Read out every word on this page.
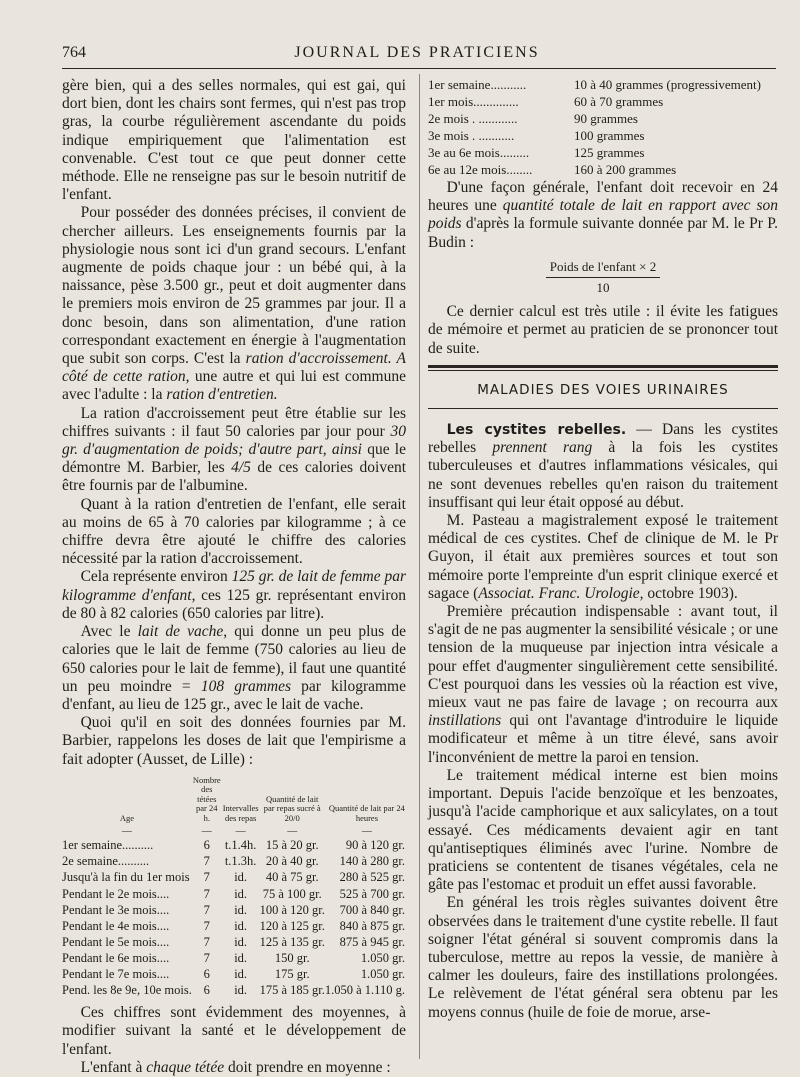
764	JOURNAL DES PRATICIENS

gère bien, qui a des selles normales, qui est gai, qui dort bien, dont les chairs sont fermes, qui n'est pas trop gras, la courbe régulièrement ascendante du poids indique empiriquement que l'alimentation est convenable. C'est tout ce que peut donner cette méthode. Elle ne renseigne pas sur le besoin nutritif de l'enfant.

Pour posséder des données précises, il convient de chercher ailleurs. Les enseignements fournis par la physiologie nous sont ici d'un grand secours. L'enfant augmente de poids chaque jour : un bébé qui, à la naissance, pèse 3.500 gr., peut et doit augmenter dans le premiers mois environ de 25 grammes par jour. Il a donc besoin, dans son alimentation, d'une ration correspondant exactement en énergie à l'augmentation que subit son corps. C'est la ration d'accroissement. A côté de cette ration, une autre et qui lui est commune avec l'adulte : la ration d'entretien.

La ration d'accroissement peut être établie sur les chiffres suivants : il faut 50 calories par jour pour 30 gr. d'augmentation de poids; d'autre part, ainsi que le démontre M. Barbier, les 4/5 de ces calories doivent être fournis par de l'albumine.

Quant à la ration d'entretien de l'enfant, elle serait au moins de 65 à 70 calories par kilogramme ; à ce chiffre devra être ajouté le chiffre des calories nécessité par la ration d'accroissement.

Cela représente environ 125 gr. de lait de femme par kilogramme d'enfant, ces 125 gr. représentant environ de 80 à 82 calories (650 calories par litre).

Avec le lait de vache, qui donne un peu plus de calories que le lait de femme (750 calories au lieu de 650 calories pour le lait de femme), il faut une quantité un peu moindre = 108 grammes par kilogramme d'enfant, au lieu de 125 gr., avec le lait de vache.

Quoi qu'il en soit des données fournies par M. Barbier, rappelons les doses de lait que l'empirisme a fait adopter (Ausset, de Lille) :

Age	Nombre des tétées par 24 h.	Intervalles des repas	Quantité de lait par repas sucré à 20/0	Quantité de lait par 24 heures
—	—	—	—	—
1er semaine..........	6	t.1.4h.	15 à 20 gr.	90 à 120 gr.
2e semaine..........	7	t.1.3h.	20 à 40 gr.	140 à 280 gr.
Jusqu'à la fin du 1er mois	7	id.	40 à 75 gr.	280 à 525 gr.
Pendant le 2e mois....	7	id.	75 à 100 gr.	525 à 700 gr.
Pendant le 3e mois....	7	id.	100 à 120 gr.	700 à 840 gr.
Pendant le 4e mois....	7	id.	120 à 125 gr.	840 à 875 gr.
Pendant le 5e mois....	7	id.	125 à 135 gr.	875 à 945 gr.
Pendant le 6e mois....	7	id.	150 gr.	1.050 gr.
Pendant le 7e mois....	6	id.	175 gr.	1.050 gr.
Pend. les 8e 9e, 10e mois.	6	id.	175 à 185 gr.	1.050 à 1.110 g.

Ces chiffres sont évidemment des moyennes, à modifier suivant la santé et le développement de l'enfant.

L'enfant à chaque tétée doit prendre en moyenne :

1er semaine...........	10 à 40 grammes (progressivement)
1er mois..............	60 à 70 grammes
2e mois . ............	90 grammes
3e mois . ...........	100 grammes
3e au 6e mois.........	125 grammes
6e au 12e mois........	160 à 200 grammes

D'une façon générale, l'enfant doit recevoir en 24 heures une quantité totale de lait en rapport avec son poids d'après la formule suivante donnée par M. le Pr P. Budin :

Poids de l'enfant × 2
10

Ce dernier calcul est très utile : il évite les fatigues de mémoire et permet au praticien de se prononcer tout de suite.

MALADIES DES VOIES URINAIRES

Les cystites rebelles. — Dans les cystites rebelles prennent rang à la fois les cystites tuberculeuses et d'autres inflammations vésicales, qui ne sont devenues rebelles qu'en raison du traitement insuffisant qui leur était opposé au début.

M. Pasteau a magistralement exposé le traitement médical de ces cystites. Chef de clinique de M. le Pr Guyon, il était aux premières sources et tout son mémoire porte l'empreinte d'un esprit clinique exercé et sagace (Associat. Franc. Urologie, octobre 1903).

Première précaution indispensable : avant tout, il s'agit de ne pas augmenter la sensibilité vésicale ; or une tension de la muqueuse par injection intra vésicale a pour effet d'augmenter singulièrement cette sensibilité. C'est pourquoi dans les vessies où la réaction est vive, mieux vaut ne pas faire de lavage ; on recourra aux instillations qui ont l'avantage d'introduire le liquide modificateur et même à un titre élevé, sans avoir l'inconvénient de mettre la paroi en tension.

Le traitement médical interne est bien moins important. Depuis l'acide benzoïque et les benzoates, jusqu'à l'acide camphorique et aux salicylates, on a tout essayé. Ces médicaments devaient agir en tant qu'antiseptiques éliminés avec l'urine. Nombre de praticiens se contentent de tisanes végétales, cela ne gâte pas l'estomac et produit un effet aussi favorable.

En général les trois règles suivantes doivent être observées dans le traitement d'une cystite rebelle. Il faut soigner l'état général si souvent compromis dans la tuberculose, mettre au repos la vessie, de manière à calmer les douleurs, faire des instillations prolongées. Le relèvement de l'état général sera obtenu par les moyens connus (huile de foie de morue, arse-
